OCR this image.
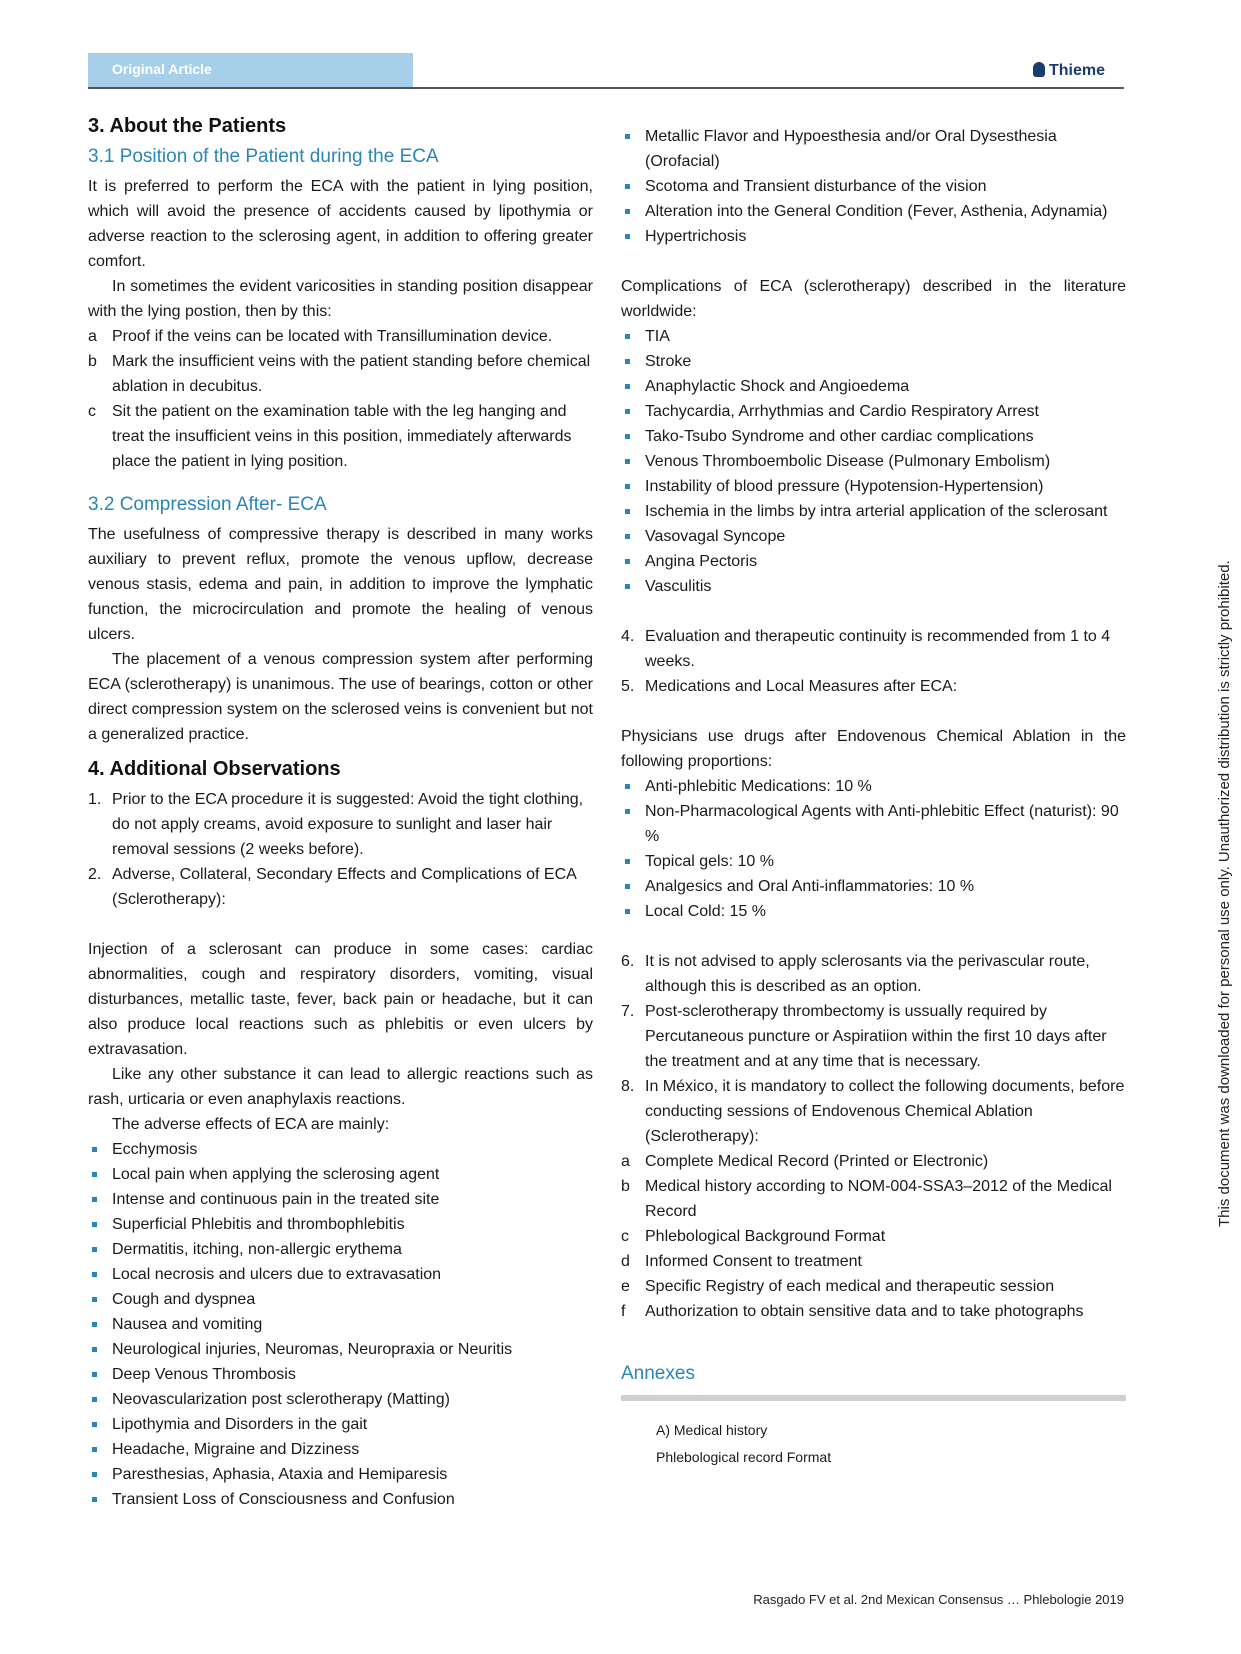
Original Article	Thieme
3. About the Patients
3.1 Position of the Patient during the ECA

It is preferred to perform the ECA with the patient in lying position, which will avoid the presence of accidents caused by lipothymia or adverse reaction to the sclerosing agent, in addition to offering greater comfort.

In sometimes the evident varicosities in standing position disappear with the lying postion, then by this:

a Proof if the veins can be located with Transillumination device.
b Mark the insufficient veins with the patient standing before chemical ablation in decubitus.
c Sit the patient on the examination table with the leg hanging and treat the insufficient veins in this position, immediately afterwards place the patient in lying position.
3.2 Compression After- ECA

The usefulness of compressive therapy is described in many works auxiliary to prevent reflux, promote the venous upflow, decrease venous stasis, edema and pain, in addition to improve the lymphatic function, the microcirculation and promote the healing of venous ulcers.

The placement of a venous compression system after performing ECA (sclerotherapy) is unanimous. The use of bearings, cotton or other direct compression system on the sclerosed veins is convenient but not a generalized practice.

4. Additional Observations
1. Prior to the ECA procedure it is suggested: Avoid the tight clothing, do not apply creams, avoid exposure to sunlight and laser hair removal sessions (2 weeks before).
2. Adverse, Collateral, Secondary Effects and Complications of ECA (Sclerotherapy):

Injection of a sclerosant can produce in some cases: cardiac abnormalities, cough and respiratory disorders, vomiting, visual disturbances, metallic taste, fever, back pain or headache, but it can also produce local reactions such as phlebitis or even ulcers by extravasation.

Like any other substance it can lead to allergic reactions such as rash, urticaria or even anaphylaxis reactions.

The adverse effects of ECA are mainly:

Ecchymosis
Local pain when applying the sclerosing agent
Intense and continuous pain in the treated site
Superficial Phlebitis and thrombophlebitis
Dermatitis, itching, non-allergic erythema
Local necrosis and ulcers due to extravasation
Cough and dyspnea
Nausea and vomiting
Neurological injuries, Neuromas, Neuropraxia or Neuritis
Deep Venous Thrombosis
Neovascularization post sclerotherapy (Matting)
Lipothymia and Disorders in the gait
Headache, Migraine and Dizziness
Paresthesias, Aphasia, Ataxia and Hemiparesis
Transient Loss of Consciousness and Confusion
Metallic Flavor and Hypoesthesia and/or Oral Dysesthesia (Orofacial)
Scotoma and Transient disturbance of the vision
Alteration into the General Condition (Fever, Asthenia, Adynamia)
Hypertrichosis

Complications of ECA (sclerotherapy) described in the literature worldwide:

TIA
Stroke
Anaphylactic Shock and Angioedema
Tachycardia, Arrhythmias and Cardio Respiratory Arrest
Tako-Tsubo Syndrome and other cardiac complications
Venous Thromboembolic Disease (Pulmonary Embolism)
Instability of blood pressure (Hypotension-Hypertension)
Ischemia in the limbs by intra arterial application of the sclerosant
Vasovagal Syncope
Angina Pectoris
Vasculitis
4. Evaluation and therapeutic continuity is recommended from 1 to 4 weeks.
5. Medications and Local Measures after ECA:

Physicians use drugs after Endovenous Chemical Ablation in the following proportions:

Anti-phlebitic Medications: 10 %
Non-Pharmacological Agents with Anti-phlebitic Effect (naturist): 90 %
Topical gels: 10 %
Analgesics and Oral Anti-inflammatories: 10 %
Local Cold: 15 %
6. It is not advised to apply sclerosants via the perivascular route, although this is described as an option.
7. Post-sclerotherapy thrombectomy is ussually required by Percutaneous puncture or Aspiratiion within the first 10 days after the treatment and at any time that is necessary.
8. In México, it is mandatory to collect the following documents, before conducting sessions of Endovenous Chemical Ablation (Sclerotherapy):
a Complete Medical Record (Printed or Electronic)
b Medical history according to NOM-004-SSA3–2012 of the Medical Record
c Phlebological Background Format
d Informed Consent to treatment
e Specific Registry of each medical and therapeutic session
f Authorization to obtain sensitive data and to take photographs
Annexes
A) Medical history
Phlebological record Format
This document was downloaded for personal use only. Unauthorized distribution is strictly prohibited.
Rasgado FV et al. 2nd Mexican Consensus … Phlebologie 2019
